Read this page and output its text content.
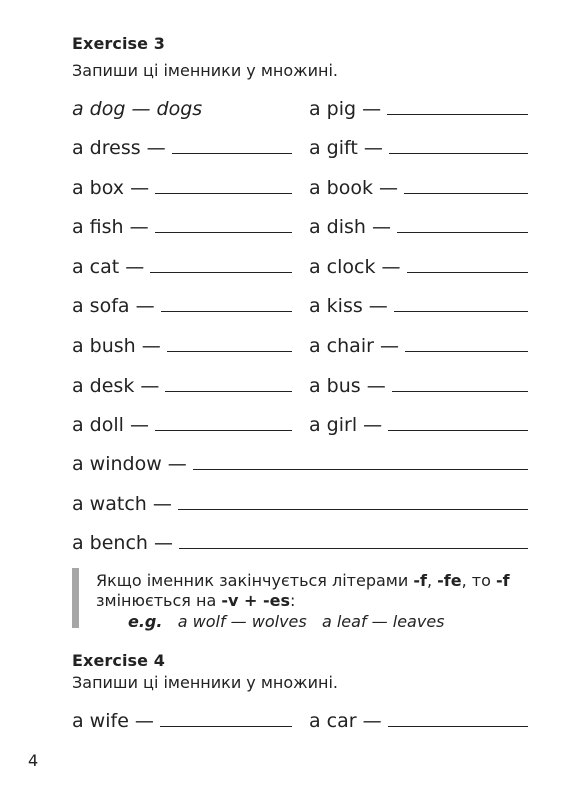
Exercise 3
Запиши ці іменники у множині.
a dog — dogs	a pig —
a dress —	a gift —
a box —	a book —
a fish —	a dish —
a cat —	a clock —
a sofa —	a kiss —
a bush —	a chair —
a desk —	a bus —
a doll —	a girl —
a window —
a watch —
a bench —
Якщо іменник закінчується літерами -f, -fe, то -f
змінюється на -v + -es:
e.g.   a wolf — wolves   a leaf — leaves
Exercise 4
Запиши ці іменники у множині.
a wife —	a car —
4
